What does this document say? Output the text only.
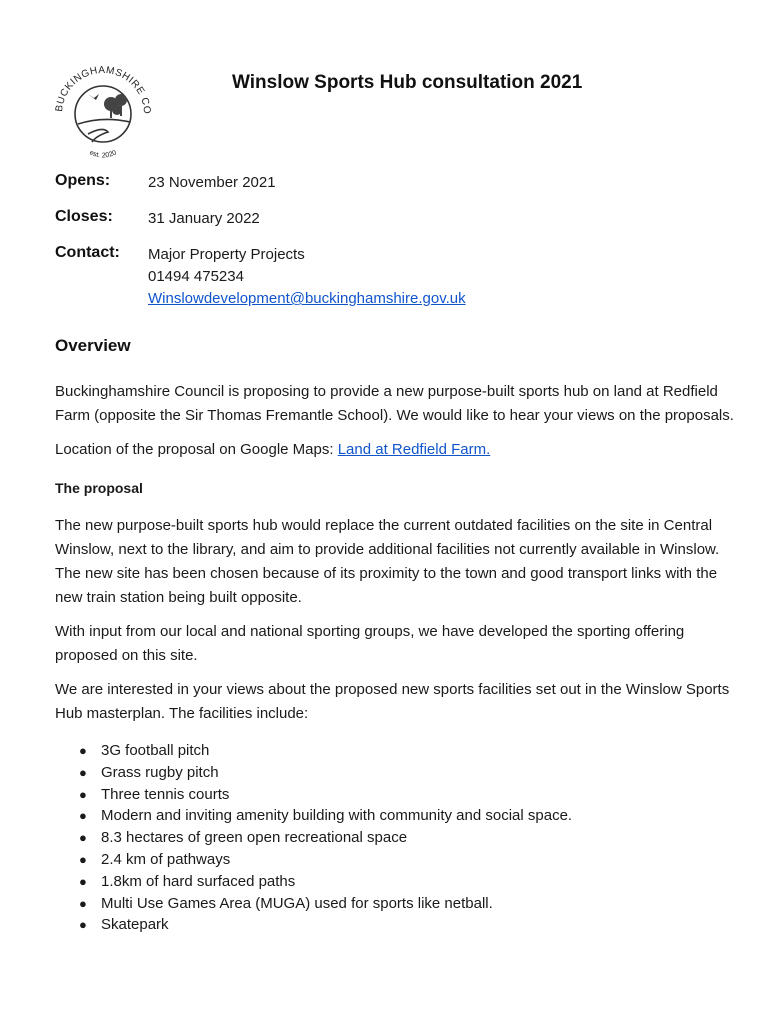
BUCKINGHAMSHIRE CO
est. 2020
Winslow Sports Hub consultation 2021
Opens:	23 November 2021
Closes:	31 January 2022
Contact:	Major Property Projects
01494 475234
Winslowdevelopment@buckinghamshire.gov.uk
Overview

Buckinghamshire Council is proposing to provide a new purpose-built sports hub on land at Redfield Farm (opposite the Sir Thomas Fremantle School). We would like to hear your views on the proposals.

Location of the proposal on Google Maps: Land at Redfield Farm.

The proposal

The new purpose-built sports hub would replace the current outdated facilities on the site in Central Winslow, next to the library, and aim to provide additional facilities not currently available in Winslow. The new site has been chosen because of its proximity to the town and good transport links with the new train station being built opposite.

With input from our local and national sporting groups, we have developed the sporting offering proposed on this site.

We are interested in your views about the proposed new sports facilities set out in the Winslow Sports Hub masterplan. The facilities include:

● 3G football pitch
● Grass rugby pitch
● Three tennis courts
● Modern and inviting amenity building with community and social space.
● 8.3 hectares of green open recreational space
● 2.4 km of pathways
● 1.8km of hard surfaced paths
● Multi Use Games Area (MUGA) used for sports like netball.
● Skatepark
